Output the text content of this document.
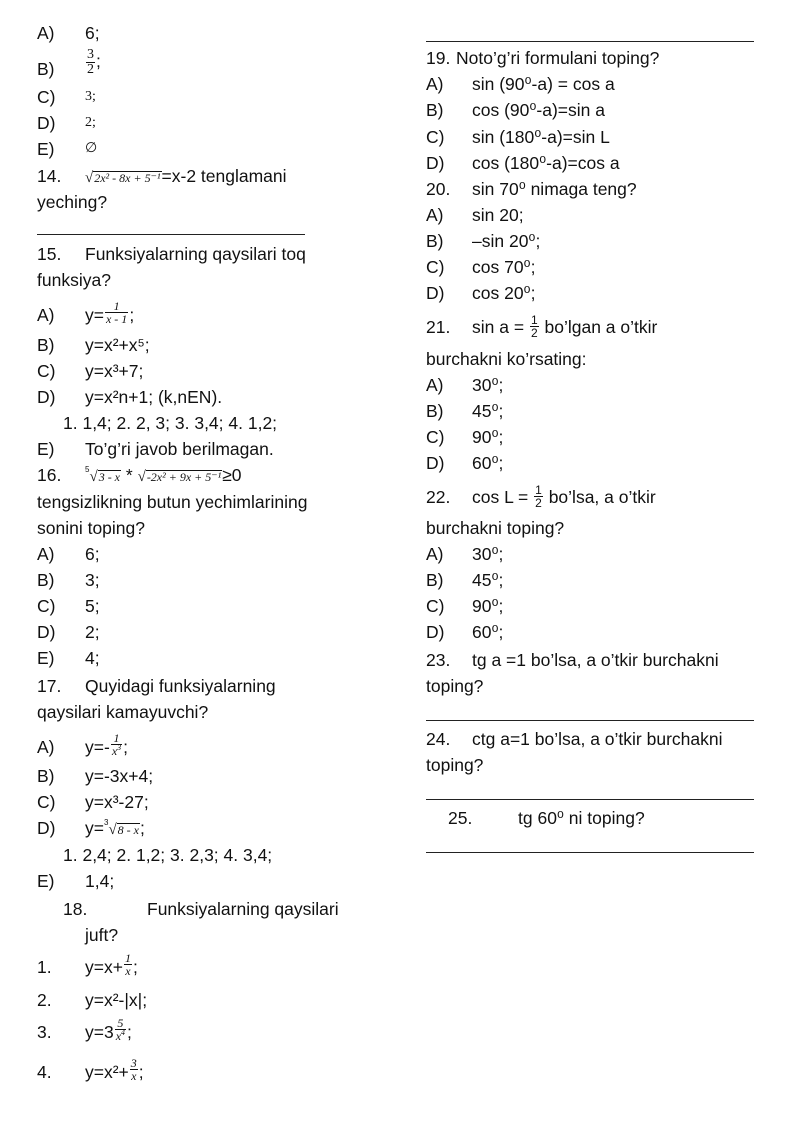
A) 6;
$B) \frac{3}{2}$ ;
C) 3;
D) 2;
E) ∅
14. √2x² - 8x + 5⁻¹=x-2 tenglamani
yeching?
15. Funksiyalarning qaysilari toq
funksiya?
A) $y= \frac{1}{x - 1}$ ;
B) y=x²+x⁵;
C) y=x³+7;
D) y=x²n+1; (k,nEN).
1. 1,4; 2. 2, 3; 3. 3,4; 4. 1,2;
E) To’g’ri javob berilmagan.
16.	$^5$√3 - x * √-2x² + 9x + 5⁻¹≥0
tengsizlikning butun yechimlarining
sonini toping?
A) 6;
B) 3;
C) 5;
D) 2;
E) 4;
17. Quyidagi funksiyalarning
qaysilari kamayuvchi?
A) $y=- \frac{1}{x^3}$ ;
B) y=-3x+4;
C) y=x³-27;
D) y=$^3$√8 - x;
1. 2,4; 2. 1,2; 3. 2,3; 4. 3,4;
E) 1,4;
18.	Funksiyalarning qaysilari
juft?
1. $y=x+ \frac{1}{x}$ ;
2. y=x²-|x|;
3. $y=3 \frac{5}{x^4}$ ;
4. $y=x^2+ \frac{3}{x}$ ;
19. Noto’g’ri formulani toping?
A) sin (90⁰-a) = cos a
B) cos (90⁰-a)=sin a
C) sin (180⁰-a)=sin L
D) cos (180⁰-a)=cos a
20. sin 70⁰ nimaga teng?
A) sin 20;
B) –sin 20⁰;
C) cos 70⁰;
D) cos 20⁰;
21. $\sin a = \frac{1}{2}$ bo’lgan a o’tkir
burchakni ko’rsating:
A) 30⁰;
B) 45⁰;
C) 90⁰;
D) 60⁰;
22. $\cos L = \frac{1}{2}$ bo’lsa, a o’tkir
burchakni toping?
A) 30⁰;
B) 45⁰;
C) 90⁰;
D) 60⁰;
23. tg a =1 bo’lsa, a o’tkir burchakni
toping?
24. ctg a=1 bo’lsa, a o’tkir burchakni
toping?
25.	tg 60⁰ ni toping?
